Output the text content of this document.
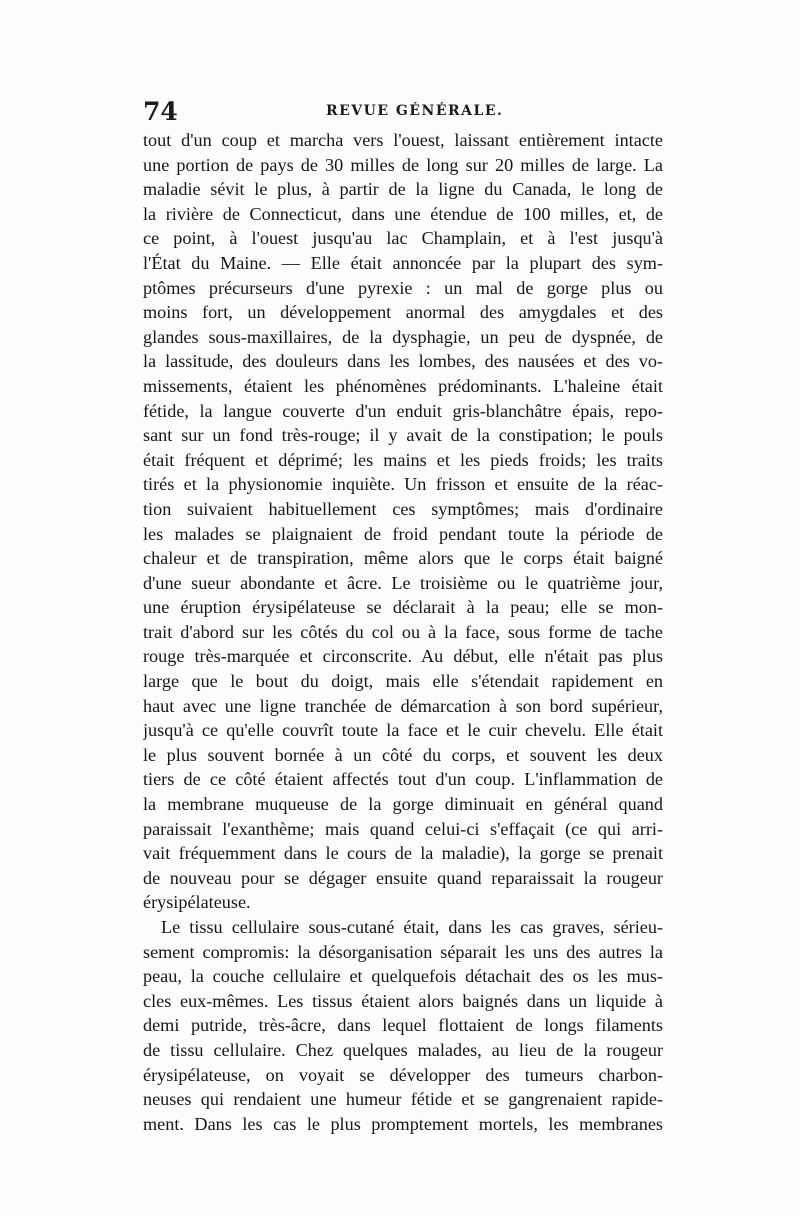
74	REVUE GÉNÉRALE.
tout d'un coup et marcha vers l'ouest, laissant entièrement intacte
une portion de pays de 30 milles de long sur 20 milles de large. La
maladie sévit le plus, à partir de la ligne du Canada, le long de
la rivière de Connecticut, dans une étendue de 100 milles, et, de
ce point, à l'ouest jusqu'au lac Champlain, et à l'est jusqu'à
l'État du Maine. — Elle était annoncée par la plupart des sym-
ptômes précurseurs d'une pyrexie : un mal de gorge plus ou
moins fort, un développement anormal des amygdales et des
glandes sous-maxillaires, de la dysphagie, un peu de dyspnée, de
la lassitude, des douleurs dans les lombes, des nausées et des vo-
missements, étaient les phénomènes prédominants. L'haleine était
fétide, la langue couverte d'un enduit gris-blanchâtre épais, repo-
sant sur un fond très-rouge; il y avait de la constipation; le pouls
était fréquent et déprimé; les mains et les pieds froids; les traits
tirés et la physionomie inquiète. Un frisson et ensuite de la réac-
tion suivaient habituellement ces symptômes; mais d'ordinaire
les malades se plaignaient de froid pendant toute la période de
chaleur et de transpiration, même alors que le corps était baigné
d'une sueur abondante et âcre. Le troisième ou le quatrième jour,
une éruption érysipélateuse se déclarait à la peau; elle se mon-
trait d'abord sur les côtés du col ou à la face, sous forme de tache
rouge très-marquée et circonscrite. Au début, elle n'était pas plus
large que le bout du doigt, mais elle s'étendait rapidement en
haut avec une ligne tranchée de démarcation à son bord supérieur,
jusqu'à ce qu'elle couvrît toute la face et le cuir chevelu. Elle était
le plus souvent bornée à un côté du corps, et souvent les deux
tiers de ce côté étaient affectés tout d'un coup. L'inflammation de
la membrane muqueuse de la gorge diminuait en général quand
paraissait l'exanthème; mais quand celui-ci s'effaçait (ce qui arri-
vait fréquemment dans le cours de la maladie), la gorge se prenait
de nouveau pour se dégager ensuite quand reparaissait la rougeur
érysipélateuse.
Le tissu cellulaire sous-cutané était, dans les cas graves, sérieu-
sement compromis: la désorganisation séparait les uns des autres la
peau, la couche cellulaire et quelquefois détachait des os les mus-
cles eux-mêmes. Les tissus étaient alors baignés dans un liquide à
demi putride, très-âcre, dans lequel flottaient de longs filaments
de tissu cellulaire. Chez quelques malades, au lieu de la rougeur
érysipélateuse, on voyait se développer des tumeurs charbon-
neuses qui rendaient une humeur fétide et se gangrenaient rapide-
ment. Dans les cas le plus promptement mortels, les membranes
